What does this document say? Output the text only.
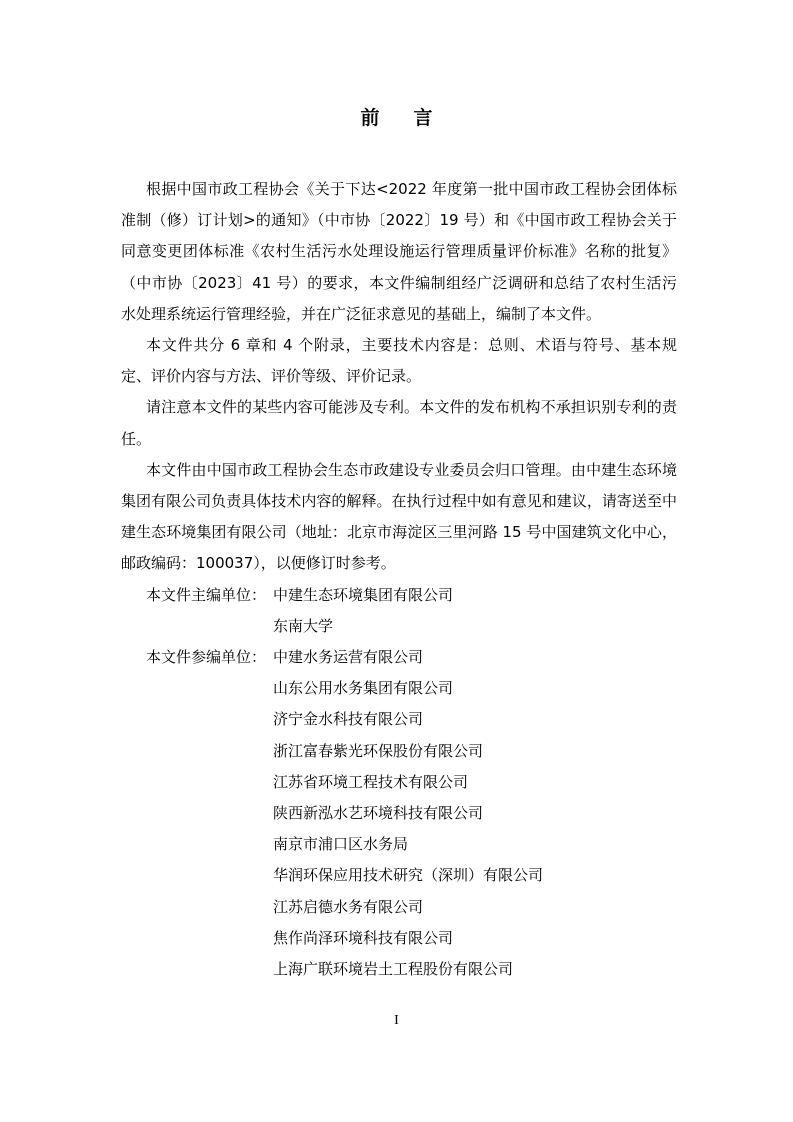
前言

根据中国市政工程协会《关于下达<2022 年度第一批中国市政工程协会团体标准制（修）订计划>的通知》（中市协〔2022〕19 号）和《中国市政工程协会关于同意变更团体标准《农村生活污水处理设施运行管理质量评价标准》名称的批复》（中市协〔2023〕41 号）的要求，本文件编制组经广泛调研和总结了农村生活污水处理系统运行管理经验，并在广泛征求意见的基础上，编制了本文件。

本文件共分 6 章和 4 个附录，主要技术内容是：总则、术语与符号、基本规定、评价内容与方法、评价等级、评价记录。

请注意本文件的某些内容可能涉及专利。本文件的发布机构不承担识别专利的责任。

本文件由中国市政工程协会生态市政建设专业委员会归口管理。由中建生态环境集团有限公司负责具体技术内容的解释。在执行过程中如有意见和建议，请寄送至中建生态环境集团有限公司（地址：北京市海淀区三里河路 15 号中国建筑文化中心，邮政编码：100037），以便修订时参考。

本文件主编单位： 中建生态环境集团有限公司
东南大学
本文件参编单位： 中建水务运营有限公司
山东公用水务集团有限公司
济宁金水科技有限公司
浙江富春紫光环保股份有限公司
江苏省环境工程技术有限公司
陕西新泓水艺环境科技有限公司
南京市浦口区水务局
华润环保应用技术研究（深圳）有限公司
江苏启德水务有限公司
焦作尚泽环境科技有限公司
上海广联环境岩土工程股份有限公司
I
